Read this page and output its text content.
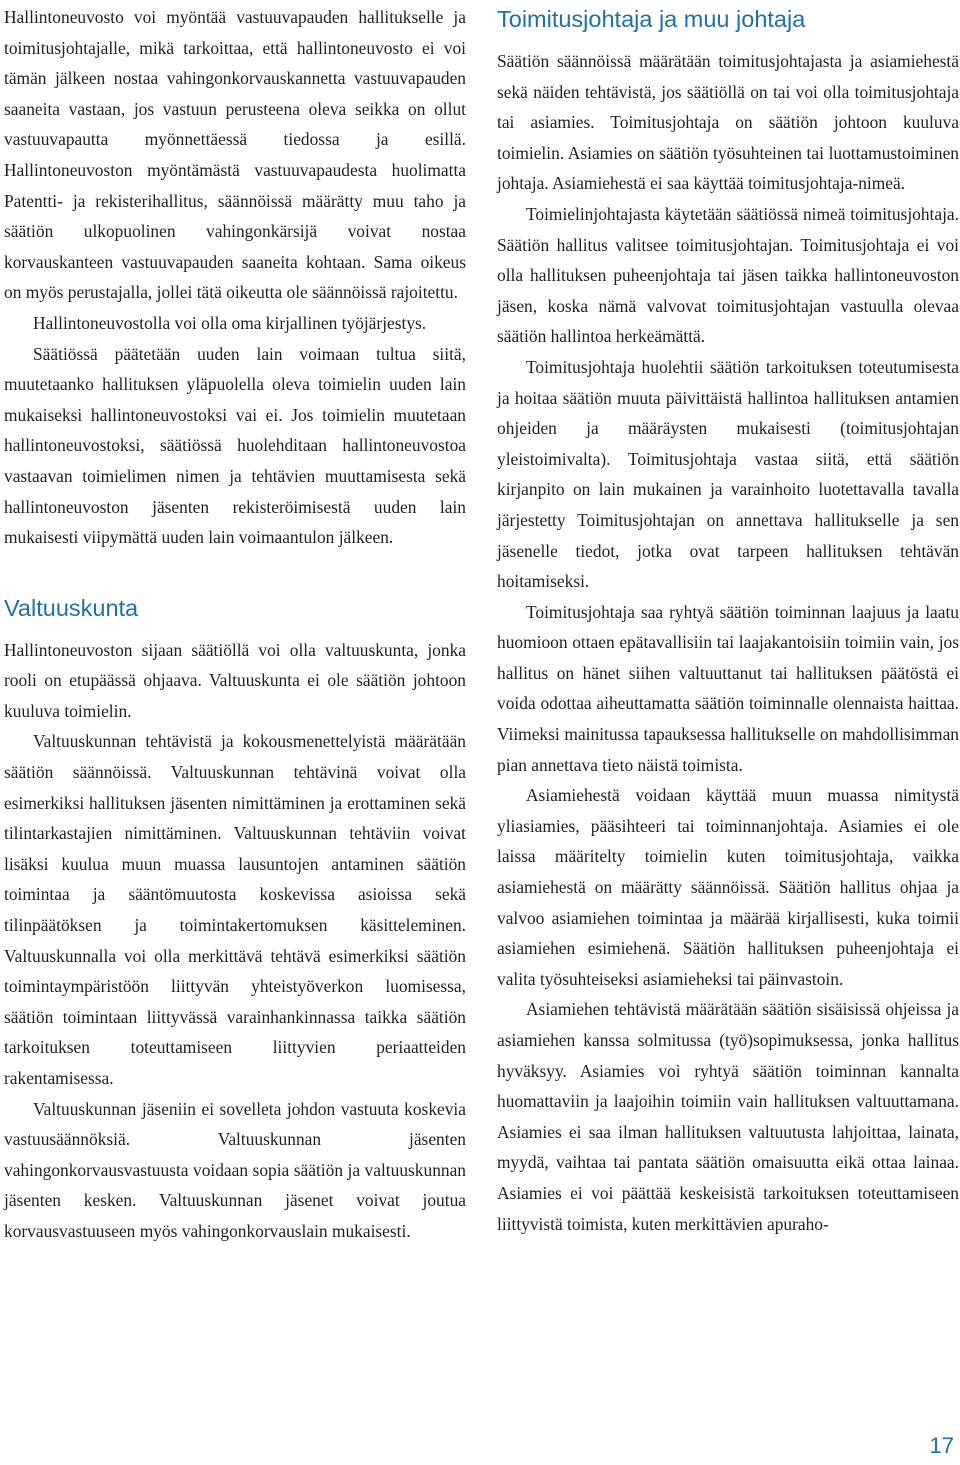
Hallintoneuvosto voi myöntää vastuuvapauden hallitukselle ja toimitusjohtajalle, mikä tarkoittaa, että hallintoneuvosto ei voi tämän jälkeen nostaa vahingonkorvauskannetta vastuuvapauden saaneita vastaan, jos vastuun perusteena oleva seikka on ollut vastuuvapautta myönnettäessä tiedossa ja esillä. Hallintoneuvoston myöntämästä vastuuvapaudesta huolimatta Patentti- ja rekisterihallitus, säännöissä määrätty muu taho ja säätiön ulkopuolinen vahingonkärsijä voivat nostaa korvauskanteen vastuuvapauden saaneita kohtaan. Sama oikeus on myös perustajalla, jollei tätä oikeutta ole säännöissä rajoitettu.

Hallintoneuvostolla voi olla oma kirjallinen työjärjestys.

Säätiössä päätetään uuden lain voimaan tultua siitä, muutetaanko hallituksen yläpuolella oleva toimielin uuden lain mukaiseksi hallintoneuvostoksi vai ei. Jos toimielin muutetaan hallintoneuvostoksi, säätiössä huolehditaan hallintoneuvostoa vastaavan toimielimen nimen ja tehtävien muuttamisesta sekä hallintoneuvoston jäsenten rekisteröimisestä uuden lain mukaisesti viipymättä uuden lain voimaantulon jälkeen.

Valtuuskunta

Hallintoneuvoston sijaan säätiöllä voi olla valtuuskunta, jonka rooli on etupäässä ohjaava. Valtuuskunta ei ole säätiön johtoon kuuluva toimielin.

Valtuuskunnan tehtävistä ja kokousmenettelyistä määrätään säätiön säännöissä. Valtuuskunnan tehtävinä voivat olla esimerkiksi hallituksen jäsenten nimittäminen ja erottaminen sekä tilintarkastajien nimittäminen. Valtuuskunnan tehtäviin voivat lisäksi kuulua muun muassa lausuntojen antaminen säätiön toimintaa ja sääntömuutosta koskevissa asioissa sekä tilinpäätöksen ja toimintakertomuksen käsitteleminen. Valtuuskunnalla voi olla merkittävä tehtävä esimerkiksi säätiön toimintaympäristöön liittyvän yhteistyöverkon luomisessa, säätiön toimintaan liittyvässä varainhankinnassa taikka säätiön tarkoituksen toteuttamiseen liittyvien periaatteiden rakentamisessa.

Valtuuskunnan jäseniin ei sovelleta johdon vastuuta koskevia vastuusäännöksiä. Valtuuskunnan jäsenten vahingonkorvausvastuusta voidaan sopia säätiön ja valtuuskunnan jäsenten kesken. Valtuuskunnan jäsenet voivat joutua korvausvastuuseen myös vahingonkorvauslain mukaisesti.

Toimitusjohtaja ja muu johtaja

Säätiön säännöissä määrätään toimitusjohtajasta ja asiamiehestä sekä näiden tehtävistä, jos säätiöllä on tai voi olla toimitusjohtaja tai asiamies. Toimitusjohtaja on säätiön johtoon kuuluva toimielin. Asiamies on säätiön työsuhteinen tai luottamustoiminen johtaja. Asiamiehestä ei saa käyttää toimitusjohtaja-nimeä.

Toimielinjohtajasta käytetään säätiössä nimeä toimitusjohtaja. Säätiön hallitus valitsee toimitusjohtajan. Toimitusjohtaja ei voi olla hallituksen puheenjohtaja tai jäsen taikka hallintoneuvoston jäsen, koska nämä valvovat toimitusjohtajan vastuulla olevaa säätiön hallintoa herkeämättä.

Toimitusjohtaja huolehtii säätiön tarkoituksen toteutumisesta ja hoitaa säätiön muuta päivittäistä hallintoa hallituksen antamien ohjeiden ja määräysten mukaisesti (toimitusjohtajan yleistoimivalta). Toimitusjohtaja vastaa siitä, että säätiön kirjanpito on lain mukainen ja varainhoito luotettavalla tavalla järjestetty Toimitusjohtajan on annettava hallitukselle ja sen jäsenelle tiedot, jotka ovat tarpeen hallituksen tehtävän hoitamiseksi.

Toimitusjohtaja saa ryhtyä säätiön toiminnan laajuus ja laatu huomioon ottaen epätavallisiin tai laajakantoisiin toimiin vain, jos hallitus on hänet siihen valtuuttanut tai hallituksen päätöstä ei voida odottaa aiheuttamatta säätiön toiminnalle olennaista haittaa. Viimeksi mainitussa tapauksessa hallitukselle on mahdollisimman pian annettava tieto näistä toimista.

Asiamiehestä voidaan käyttää muun muassa nimitystä yliasiamies, pääsihteeri tai toiminnanjohtaja. Asiamies ei ole laissa määritelty toimielin kuten toimitusjohtaja, vaikka asiamiehestä on määrätty säännöissä. Säätiön hallitus ohjaa ja valvoo asiamiehen toimintaa ja määrää kirjallisesti, kuka toimii asiamiehen esimiehenä. Säätiön hallituksen puheenjohtaja ei valita työsuhteiseksi asiamieheksi tai päinvastoin.

Asiamiehen tehtävistä määrätään säätiön sisäisissä ohjeissa ja asiamiehen kanssa solmitussa (työ)sopimuksessa, jonka hallitus hyväksyy. Asiamies voi ryhtyä säätiön toiminnan kannalta huomattaviin ja laajoihin toimiin vain hallituksen valtuuttamana. Asiamies ei saa ilman hallituksen valtuutusta lahjoittaa, lainata, myydä, vaihtaa tai pantata säätiön omaisuutta eikä ottaa lainaa. Asiamies ei voi päättää keskeisistä tarkoituksen toteuttamiseen liittyvistä toimista, kuten merkittävien apuraho-

17
